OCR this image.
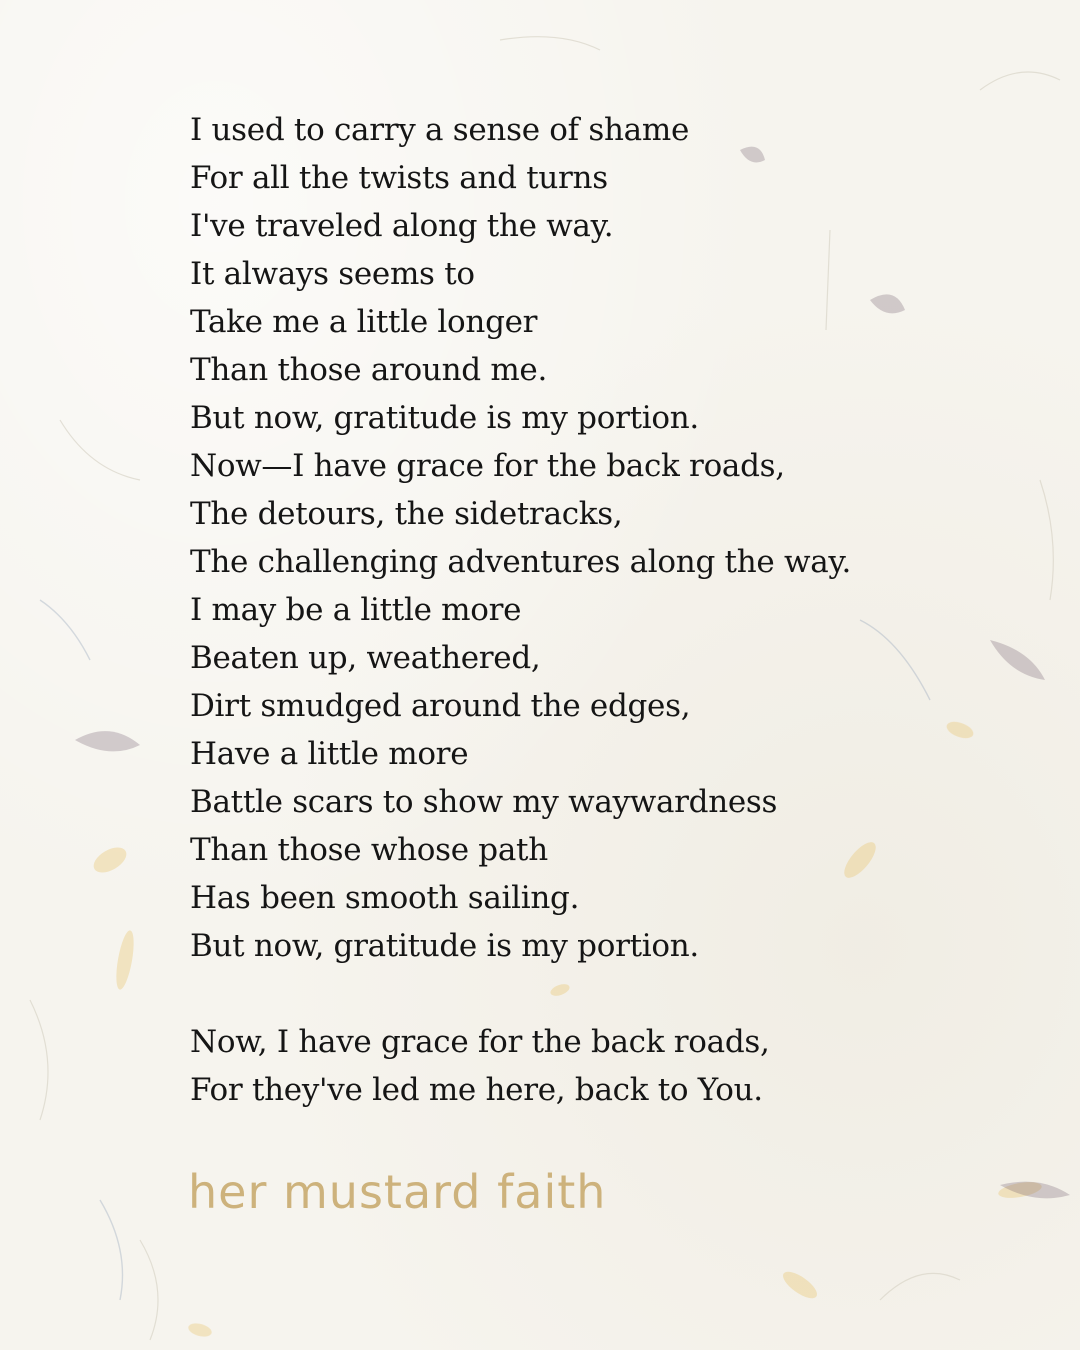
I used to carry a sense of shame
For all the twists and turns
I've traveled along the way.
It always seems to
Take me a little longer
Than those around me.
But now, gratitude is my portion.
Now—I have grace for the back roads,
The detours, the sidetracks,
The challenging adventures along the way.
I may be a little more
Beaten up, weathered,
Dirt smudged around the edges,
Have a little more
Battle scars to show my waywardness
Than those whose path
Has been smooth sailing.
But now, gratitude is my portion.
Now, I have grace for the back roads,
For they've led me here, back to You.
her mustard faith
